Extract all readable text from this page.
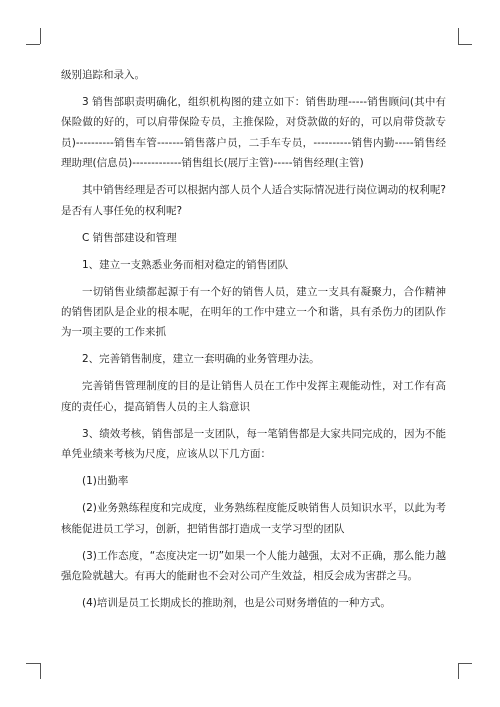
级别追踪和录入。

3 销售部职责明确化，组织机构图的建立如下：销售助理-----销售顾问(其中有保险做的好的，可以肩带保险专员，主推保险，对贷款做的好的，可以肩带贷款专员)----------销售车管-------销售落户员，二手车专员，----------销售内勤-----销售经理助理(信息员)-------------销售组长(展厅主管)-----销售经理(主管)

其中销售经理是否可以根据内部人员个人适合实际情况进行岗位调动的权利呢?是否有人事任免的权利呢?

C 销售部建设和管理

1、建立一支熟悉业务而相对稳定的销售团队

一切销售业绩都起源于有一个好的销售人员，建立一支具有凝聚力，合作精神的销售团队是企业的根本呢，在明年的工作中建立一个和谐，具有杀伤力的团队作为一项主要的工作来抓

2、完善销售制度，建立一套明确的业务管理办法。

完善销售管理制度的目的是让销售人员在工作中发挥主观能动性，对工作有高度的责任心，提高销售人员的主人翁意识

3、绩效考核，销售部是一支团队，每一笔销售都是大家共同完成的，因为不能单凭业绩来考核为尺度，应该从以下几方面：

(1)出勤率

(2)业务熟练程度和完成度，业务熟练程度能反映销售人员知识水平，以此为考核能促进员工学习，创新，把销售部打造成一支学习型的团队

(3)工作态度，“态度决定一切”如果一个人能力越强，太对不正确，那么能力越强危险就越大。有再大的能耐也不会对公司产生效益，相反会成为害群之马。

(4)培训是员工长期成长的推助剂，也是公司财务增值的一种方式。
